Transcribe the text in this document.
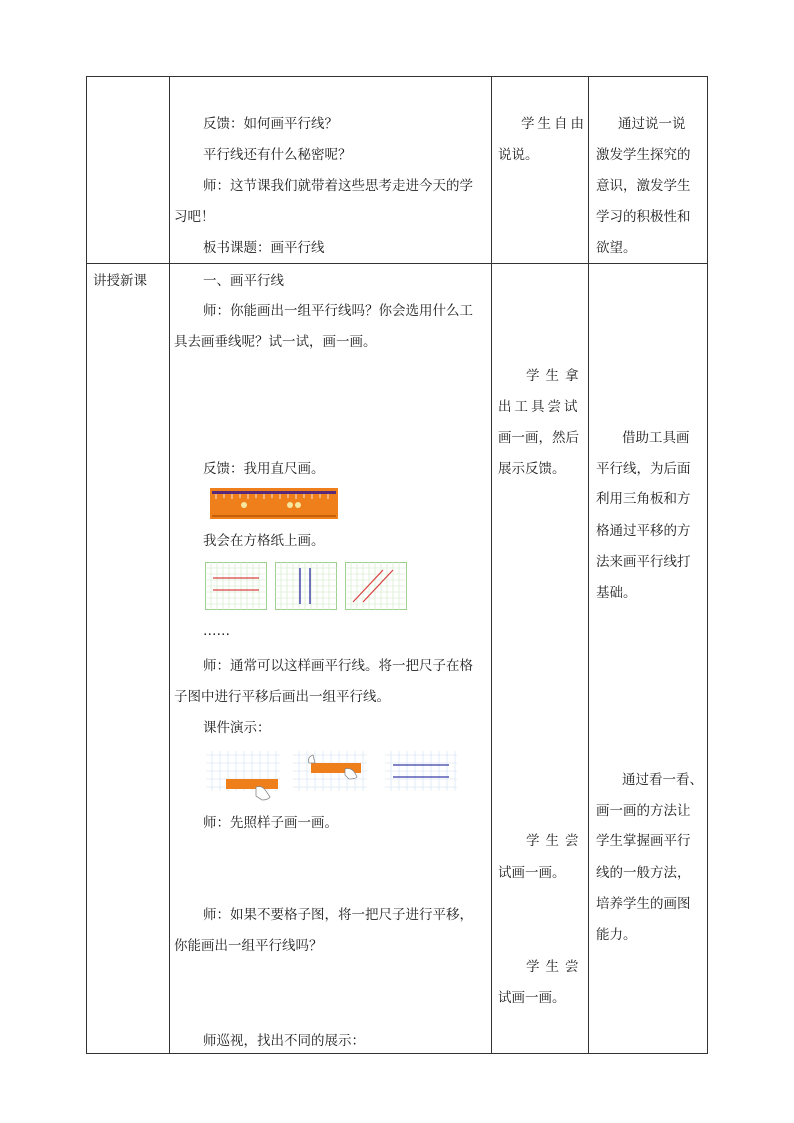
反馈：如何画平行线？
平行线还有什么秘密呢？
师：这节课我们就带着这些思考走进今天的学
习吧！
板书课题：画平行线
学生自由
说说。
通过说一说
激发学生探究的
意识，激发学生
学习的积极性和
欲望。
讲授新课	一、画平行线
师：你能画出一组平行线吗？你会选用什么工
具去画垂线呢？试一试，画一画。
反馈：我用直尺画。
我会在方格纸上画。
……
师：通常可以这样画平行线。将一把尺子在格
子图中进行平移后画出一组平行线。
课件演示：
师：先照样子画一画。
师：如果不要格子图，将一把尺子进行平移，
你能画出一组平行线吗？
师巡视，找出不同的展示：
学生拿
出工具尝试
画一画，然后
展示反馈。
学生尝
试画一画。
学生尝
试画一画。
借助工具画
平行线，为后面
利用三角板和方
格通过平移的方
法来画平行线打
基础。
通过看一看、
画一画的方法让
学生掌握画平行
线的一般方法，
培养学生的画图
能力。
